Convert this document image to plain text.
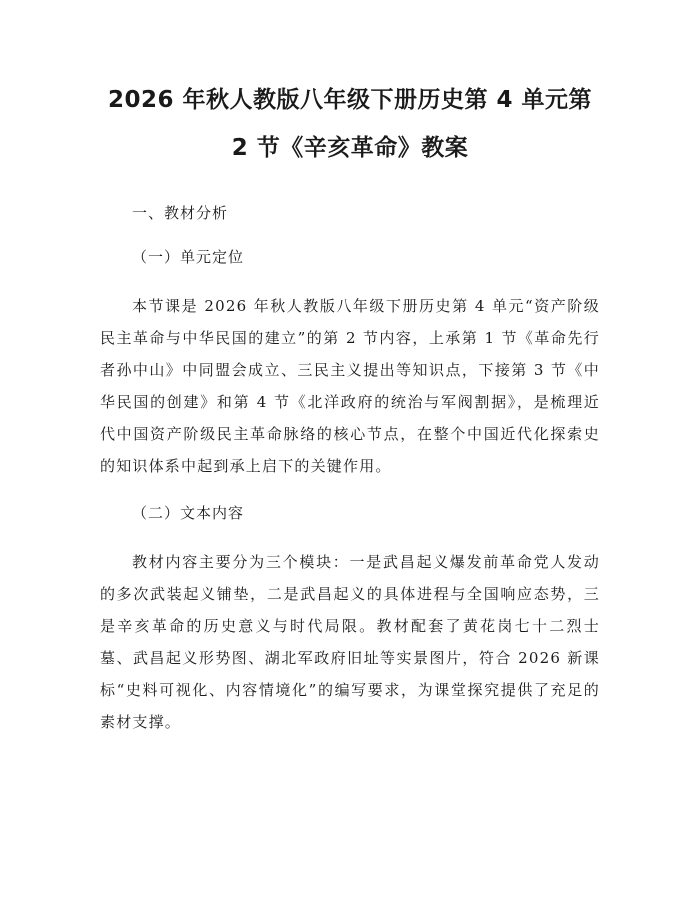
2026 年秋人教版八年级下册历史第 4 单元第
2 节《辛亥革命》教案

一、教材分析

（一）单元定位

本节课是 2026 年秋人教版八年级下册历史第 4 单元“资产阶级民主革命与中华民国的建立”的第 2 节内容，上承第 1 节《革命先行者孙中山》中同盟会成立、三民主义提出等知识点，下接第 3 节《中华民国的创建》和第 4 节《北洋政府的统治与军阀割据》，是梳理近代中国资产阶级民主革命脉络的核心节点，在整个中国近代化探索史的知识体系中起到承上启下的关键作用。

（二）文本内容

教材内容主要分为三个模块：一是武昌起义爆发前革命党人发动的多次武装起义铺垫，二是武昌起义的具体进程与全国响应态势，三是辛亥革命的历史意义与时代局限。教材配套了黄花岗七十二烈士墓、武昌起义形势图、湖北军政府旧址等实景图片，符合 2026 新课标“史料可视化、内容情境化”的编写要求，为课堂探究提供了充足的素材支撑。
